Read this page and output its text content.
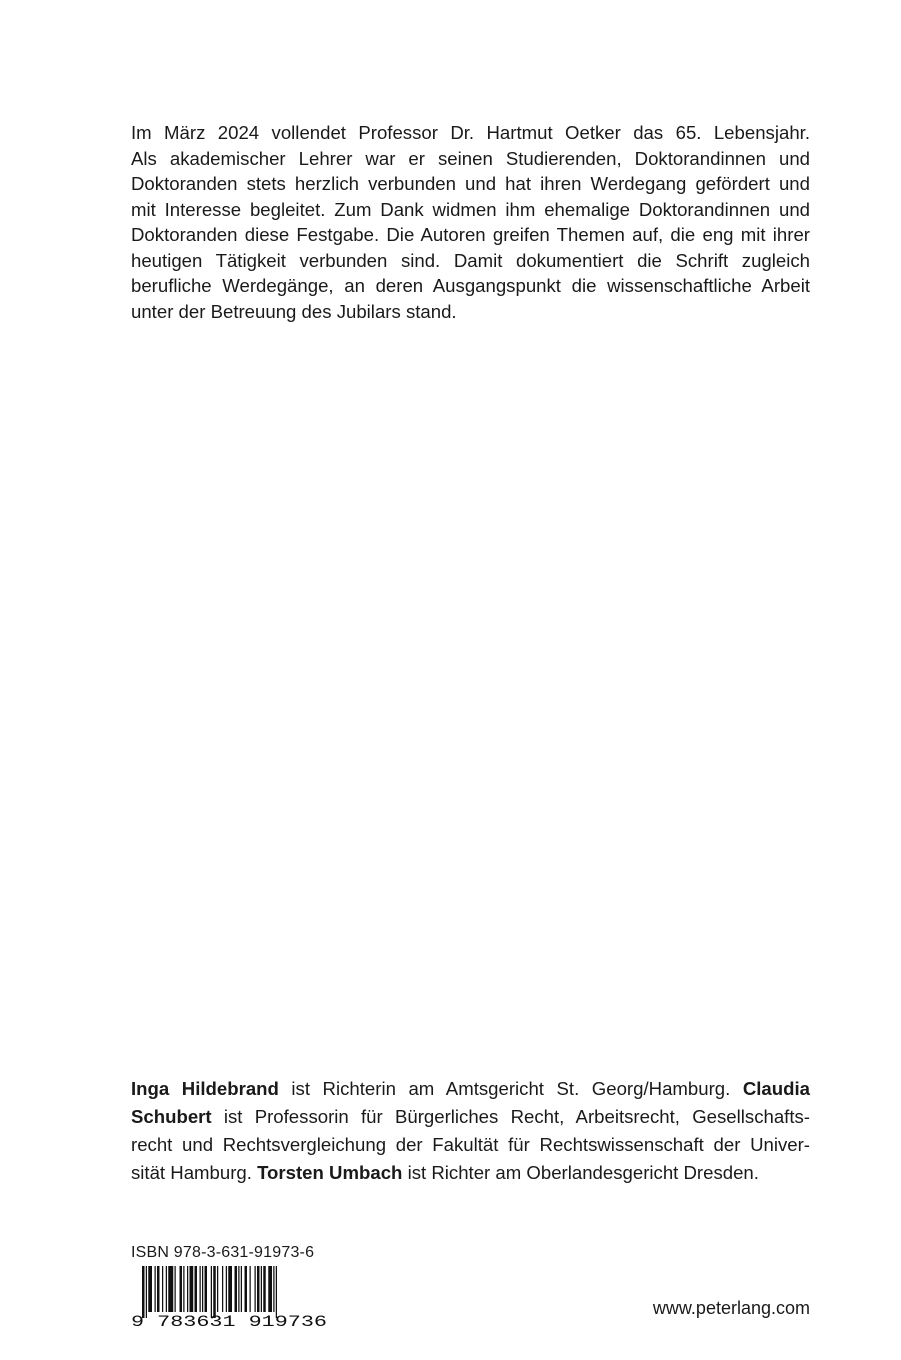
Im März 2024 vollendet Professor Dr. Hartmut Oetker das 65. Lebensjahr.
Als akademischer Lehrer war er seinen Studierenden, Doktorandinnen und
Doktoranden stets herzlich verbunden und hat ihren Werdegang gefördert und
mit Interesse begleitet. Zum Dank widmen ihm ehemalige Doktorandinnen und
Doktoranden diese Festgabe. Die Autoren greifen Themen auf, die eng mit ihrer
heutigen Tätigkeit verbunden sind. Damit dokumentiert die Schrift zugleich
berufliche Werdegänge, an deren Ausgangspunkt die wissenschaftliche Arbeit
unter der Betreuung des Jubilars stand.
Inga Hildebrand ist Richterin am Amtsgericht St. Georg/Hamburg. Claudia
Schubert ist Professorin für Bürgerliches Recht, Arbeitsrecht, Gesellschafts-
recht und Rechtsvergleichung der Fakultät für Rechtswissenschaft der Univer-
sität Hamburg. Torsten Umbach ist Richter am Oberlandesgericht Dresden.
ISBN 978-3-631-91973-6
9 783631 919736
www.peterlang.com
